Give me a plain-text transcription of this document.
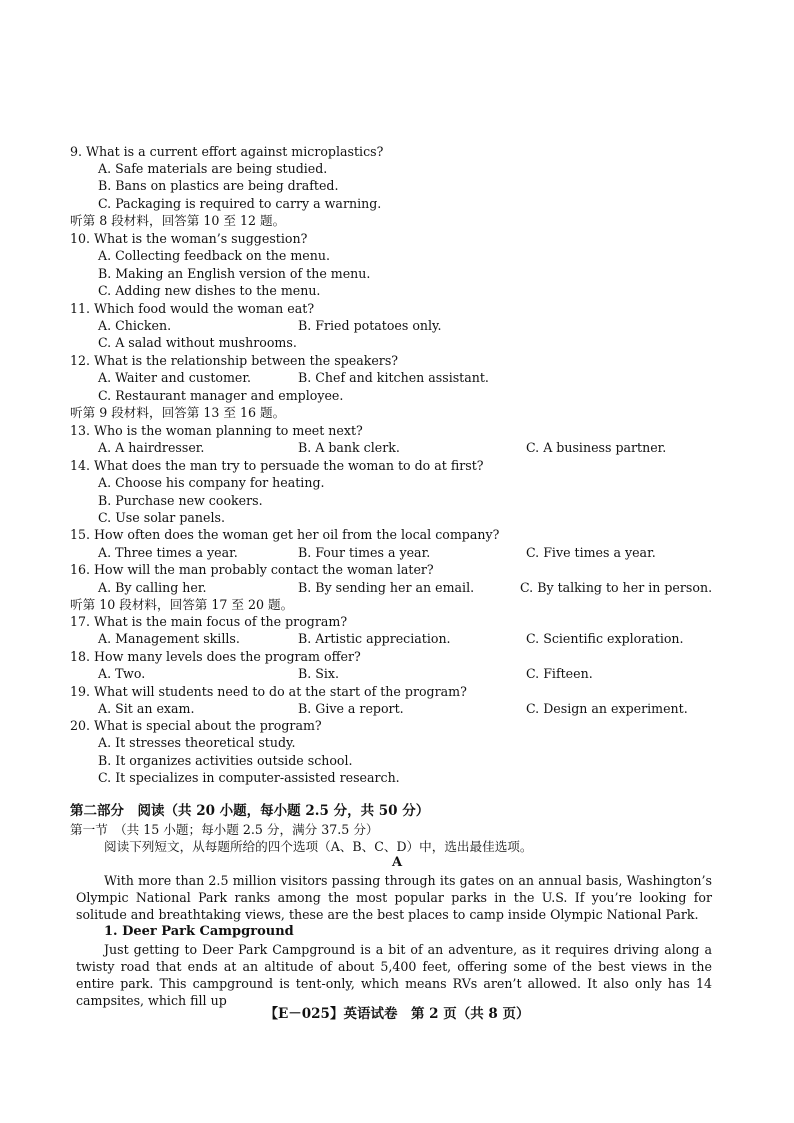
9. What is a current effort against microplastics?
A. Safe materials are being studied.
B. Bans on plastics are being drafted.
C. Packaging is required to carry a warning.
听第 8 段材料，回答第 10 至 12 题。
10. What is the woman’s suggestion?
A. Collecting feedback on the menu.
B. Making an English version of the menu.
C. Adding new dishes to the menu.
11. Which food would the woman eat?
A. Chicken.	B. Fried potatoes only.
C. A salad without mushrooms.
12. What is the relationship between the speakers?
A. Waiter and customer.	B. Chef and kitchen assistant.
C. Restaurant manager and employee.
听第 9 段材料，回答第 13 至 16 题。
13. Who is the woman planning to meet next?
A. A hairdresser.	B. A bank clerk.	C. A business partner.
14. What does the man try to persuade the woman to do at first?
A. Choose his company for heating.
B. Purchase new cookers.
C. Use solar panels.
15. How often does the woman get her oil from the local company?
A. Three times a year.	B. Four times a year.	C. Five times a year.
16. How will the man probably contact the woman later?
A. By calling her.	B. By sending her an email.	C. By talking to her in person.
听第 10 段材料，回答第 17 至 20 题。
17. What is the main focus of the program?
A. Management skills.	B. Artistic appreciation.	C. Scientific exploration.
18. How many levels does the program offer?
A. Two.	B. Six.	C. Fifteen.
19. What will students need to do at the start of the program?
A. Sit an exam.	B. Give a report.	C. Design an experiment.
20. What is special about the program?
A. It stresses theoretical study.
B. It organizes activities outside school.
C. It specializes in computer-assisted research.
第二部分　阅读（共 20 小题，每小题 2.5 分，共 50 分）
第一节　（共 15 小题；每小题 2.5 分，满分 37.5 分）
阅读下列短文，从每题所给的四个选项（A、B、C、D）中，选出最佳选项。
A
With more than 2.5 million visitors passing through its gates on an annual basis, Washington’s Olympic National Park ranks among the most popular parks in the U.S. If you’re looking for solitude and breathtaking views, these are the best places to camp inside Olympic National Park.
1. Deer Park Campground
Just getting to Deer Park Campground is a bit of an adventure, as it requires driving along a twisty road that ends at an altitude of about 5,400 feet, offering some of the best views in the entire park. This campground is tent-only, which means RVs aren’t allowed. It also only has 14 campsites, which fill up
【E－025】英语试卷　第 2 页（共 8 页）
